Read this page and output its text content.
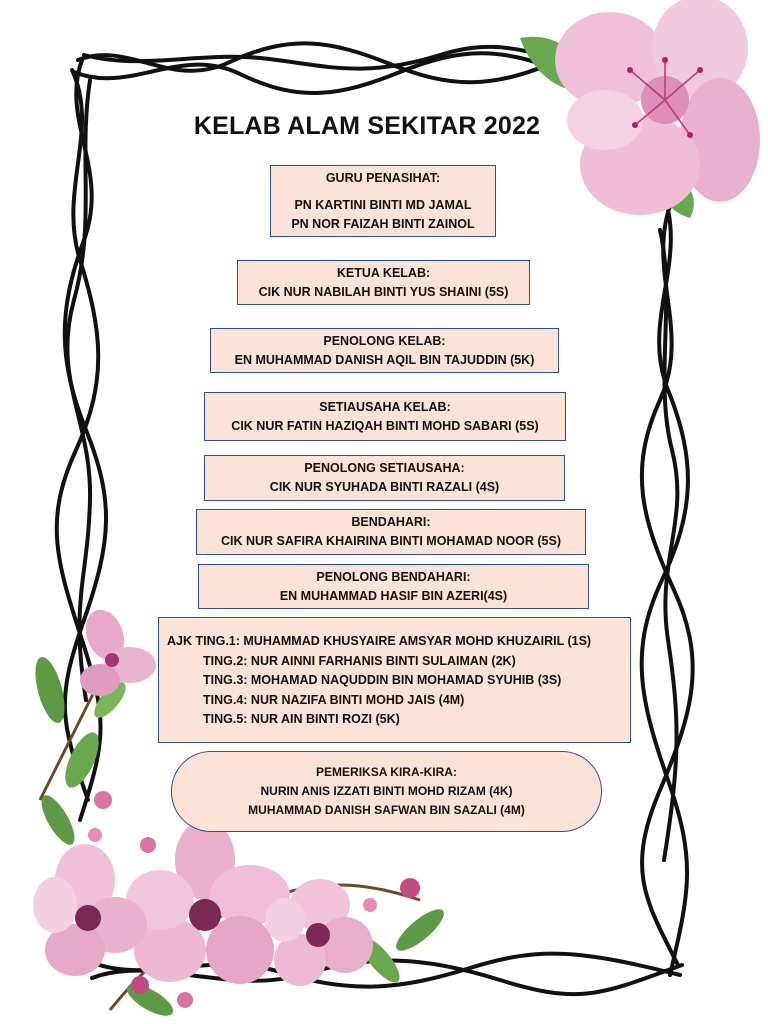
KELAB ALAM SEKITAR 2022
GURU PENASIHAT:
PN KARTINI BINTI MD JAMAL
PN NOR FAIZAH BINTI ZAINOL
KETUA KELAB:
CIK NUR NABILAH BINTI YUS SHAINI (5S)
PENOLONG KELAB:
EN MUHAMMAD DANISH AQIL BIN TAJUDDIN (5K)
SETIAUSAHA KELAB:
CIK NUR FATIN HAZIQAH BINTI MOHD SABARI (5S)
PENOLONG SETIAUSAHA:
CIK NUR SYUHADA BINTI RAZALI (4S)
BENDAHARI:
CIK NUR SAFIRA KHAIRINA BINTI MOHAMAD NOOR (5S)
PENOLONG BENDAHARI:
EN MUHAMMAD HASIF BIN AZERI(4S)
AJK TING.1: MUHAMMAD KHUSYAIRE AMSYAR MOHD KHUZAIRIL (1S)
TING.2: NUR AINNI FARHANIS BINTI SULAIMAN (2K)
TING.3: MOHAMAD NAQUDDIN BIN MOHAMAD SYUHIB (3S)
TING.4: NUR NAZIFA BINTI MOHD JAIS (4M)
TING.5: NUR AIN BINTI ROZI (5K)
PEMERIKSA KIRA-KIRA:
NURIN ANIS IZZATI BINTI MOHD RIZAM (4K)
MUHAMMAD DANISH SAFWAN BIN SAZALI (4M)
